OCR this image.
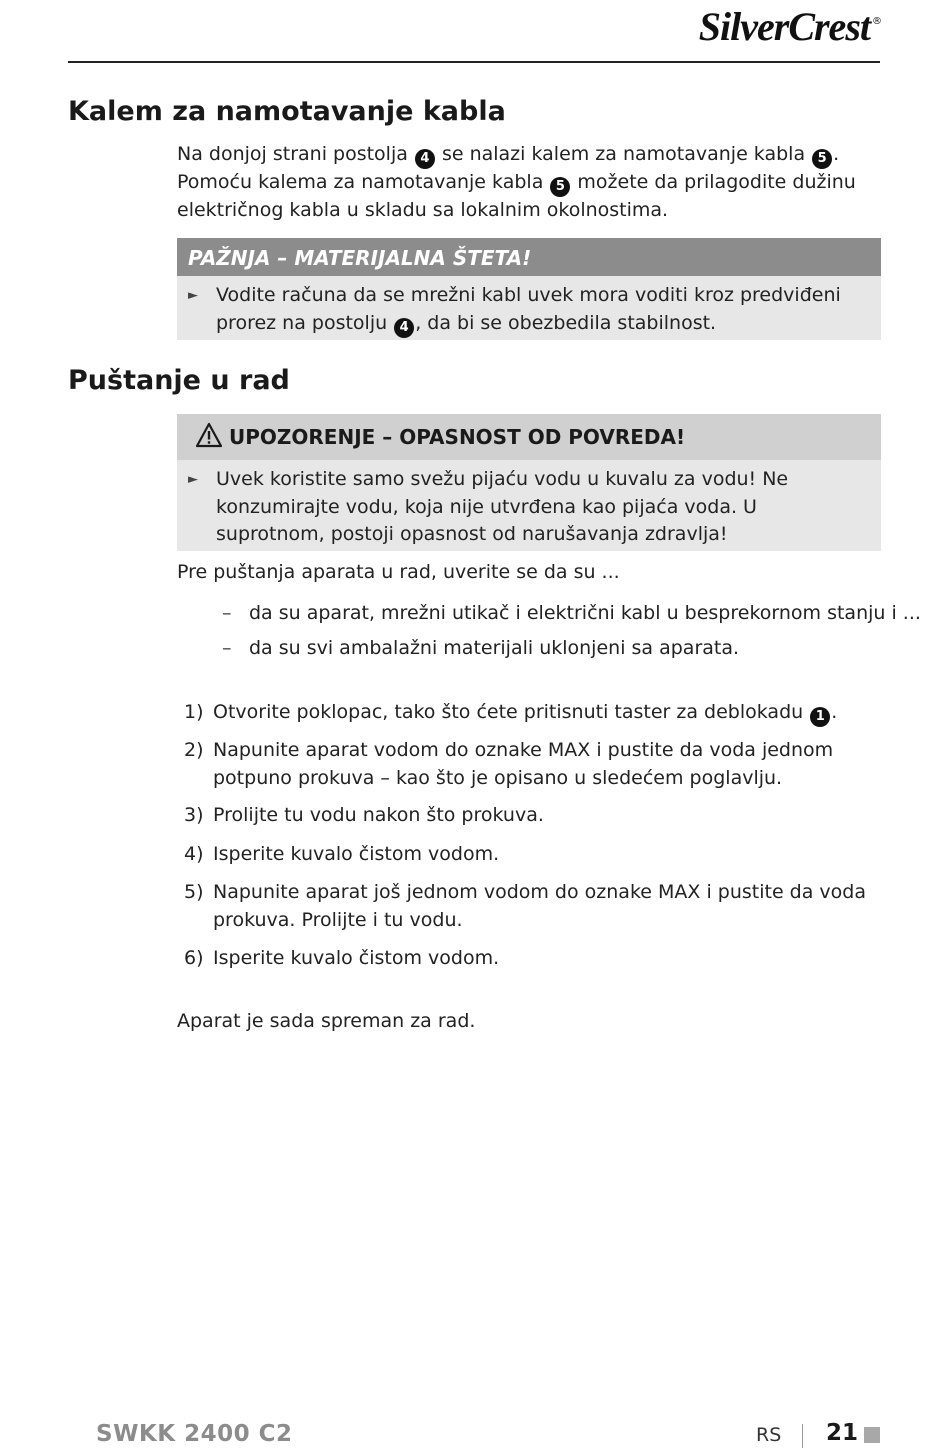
SilverCrest ®
Kalem za namotavanje kabla
Na donjoj strani postolja 4 se nalazi kalem za namotavanje kabla 5 . Pomoću kalema za namotavanje kabla 5 možete da prilagodite dužinu električnog kabla u skladu sa lokalnim okolnostima.
PAŽNJA – MATERIJALNA ŠTETA!
► Vodite računa da se mrežni kabl uvek mora voditi kroz predviđeni prorez na postolju 4 , da bi se obezbedila stabilnost.
Puštanje u rad
UPOZORENJE – OPASNOST OD POVREDA!
► Uvek koristite samo svežu pijaću vodu u kuvalu za vodu! Ne konzumirajte vodu, koja nije utvrđena kao pijaća voda. U suprotnom, postoji opasnost od narušavanja zdravlja!
Pre puštanja aparata u rad, uverite se da su ...
– da su aparat, mrežni utikač i električni kabl u besprekornom stanju i ...
– da su svi ambalažni materijali uklonjeni sa aparata.
1) Otvorite poklopac, tako što ćete pritisnuti taster za deblokadu 1 .
2) Napunite aparat vodom do oznake MAX i pustite da voda jednom potpuno prokuva – kao što je opisano u sledećem poglavlju.
3) Prolijte tu vodu nakon što prokuva.
4) Isperite kuvalo čistom vodom.
5) Napunite aparat još jednom vodom do oznake MAX i pustite da voda prokuva. Prolijte i tu vodu.
6) Isperite kuvalo čistom vodom.
Aparat je sada spreman za rad.
SWKK 2400 C2	RS 21
